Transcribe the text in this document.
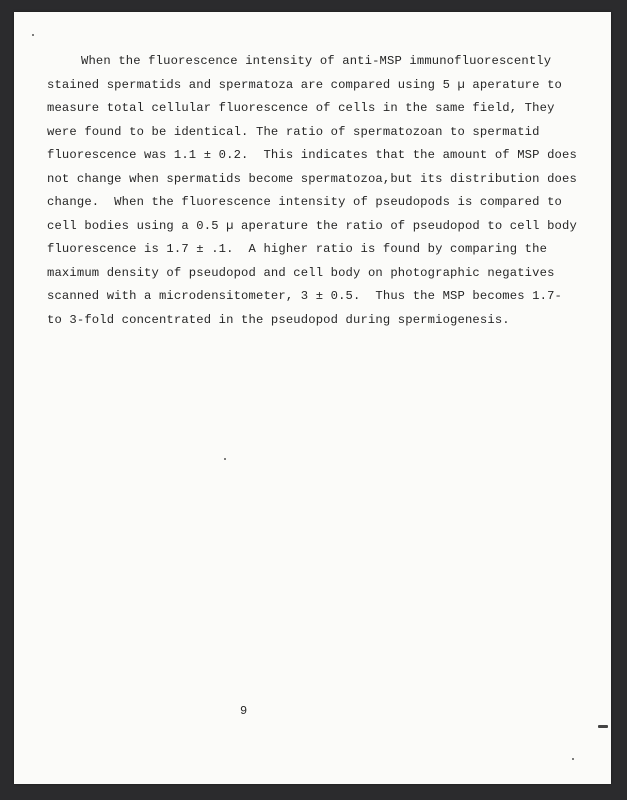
When the fluorescence intensity of anti-MSP immunofluorescently
stained spermatids and spermatoza are compared using 5 µ aperature to
measure total cellular fluorescence of cells in the same field, They
were found to be identical. The ratio of spermatozoan to spermatid
fluorescence was 1.1 ± 0.2.  This indicates that the amount of MSP does
not change when spermatids become spermatozoa,but its distribution does
change.  When the fluorescence intensity of pseudopods is compared to
cell bodies using a 0.5 µ aperature the ratio of pseudopod to cell body
fluorescence is 1.7 ± .1.  A higher ratio is found by comparing the
maximum density of pseudopod and cell body on photographic negatives
scanned with a microdensitometer, 3 ± 0.5.  Thus the MSP becomes 1.7-
to 3-fold concentrated in the pseudopod during spermiogenesis.
9
